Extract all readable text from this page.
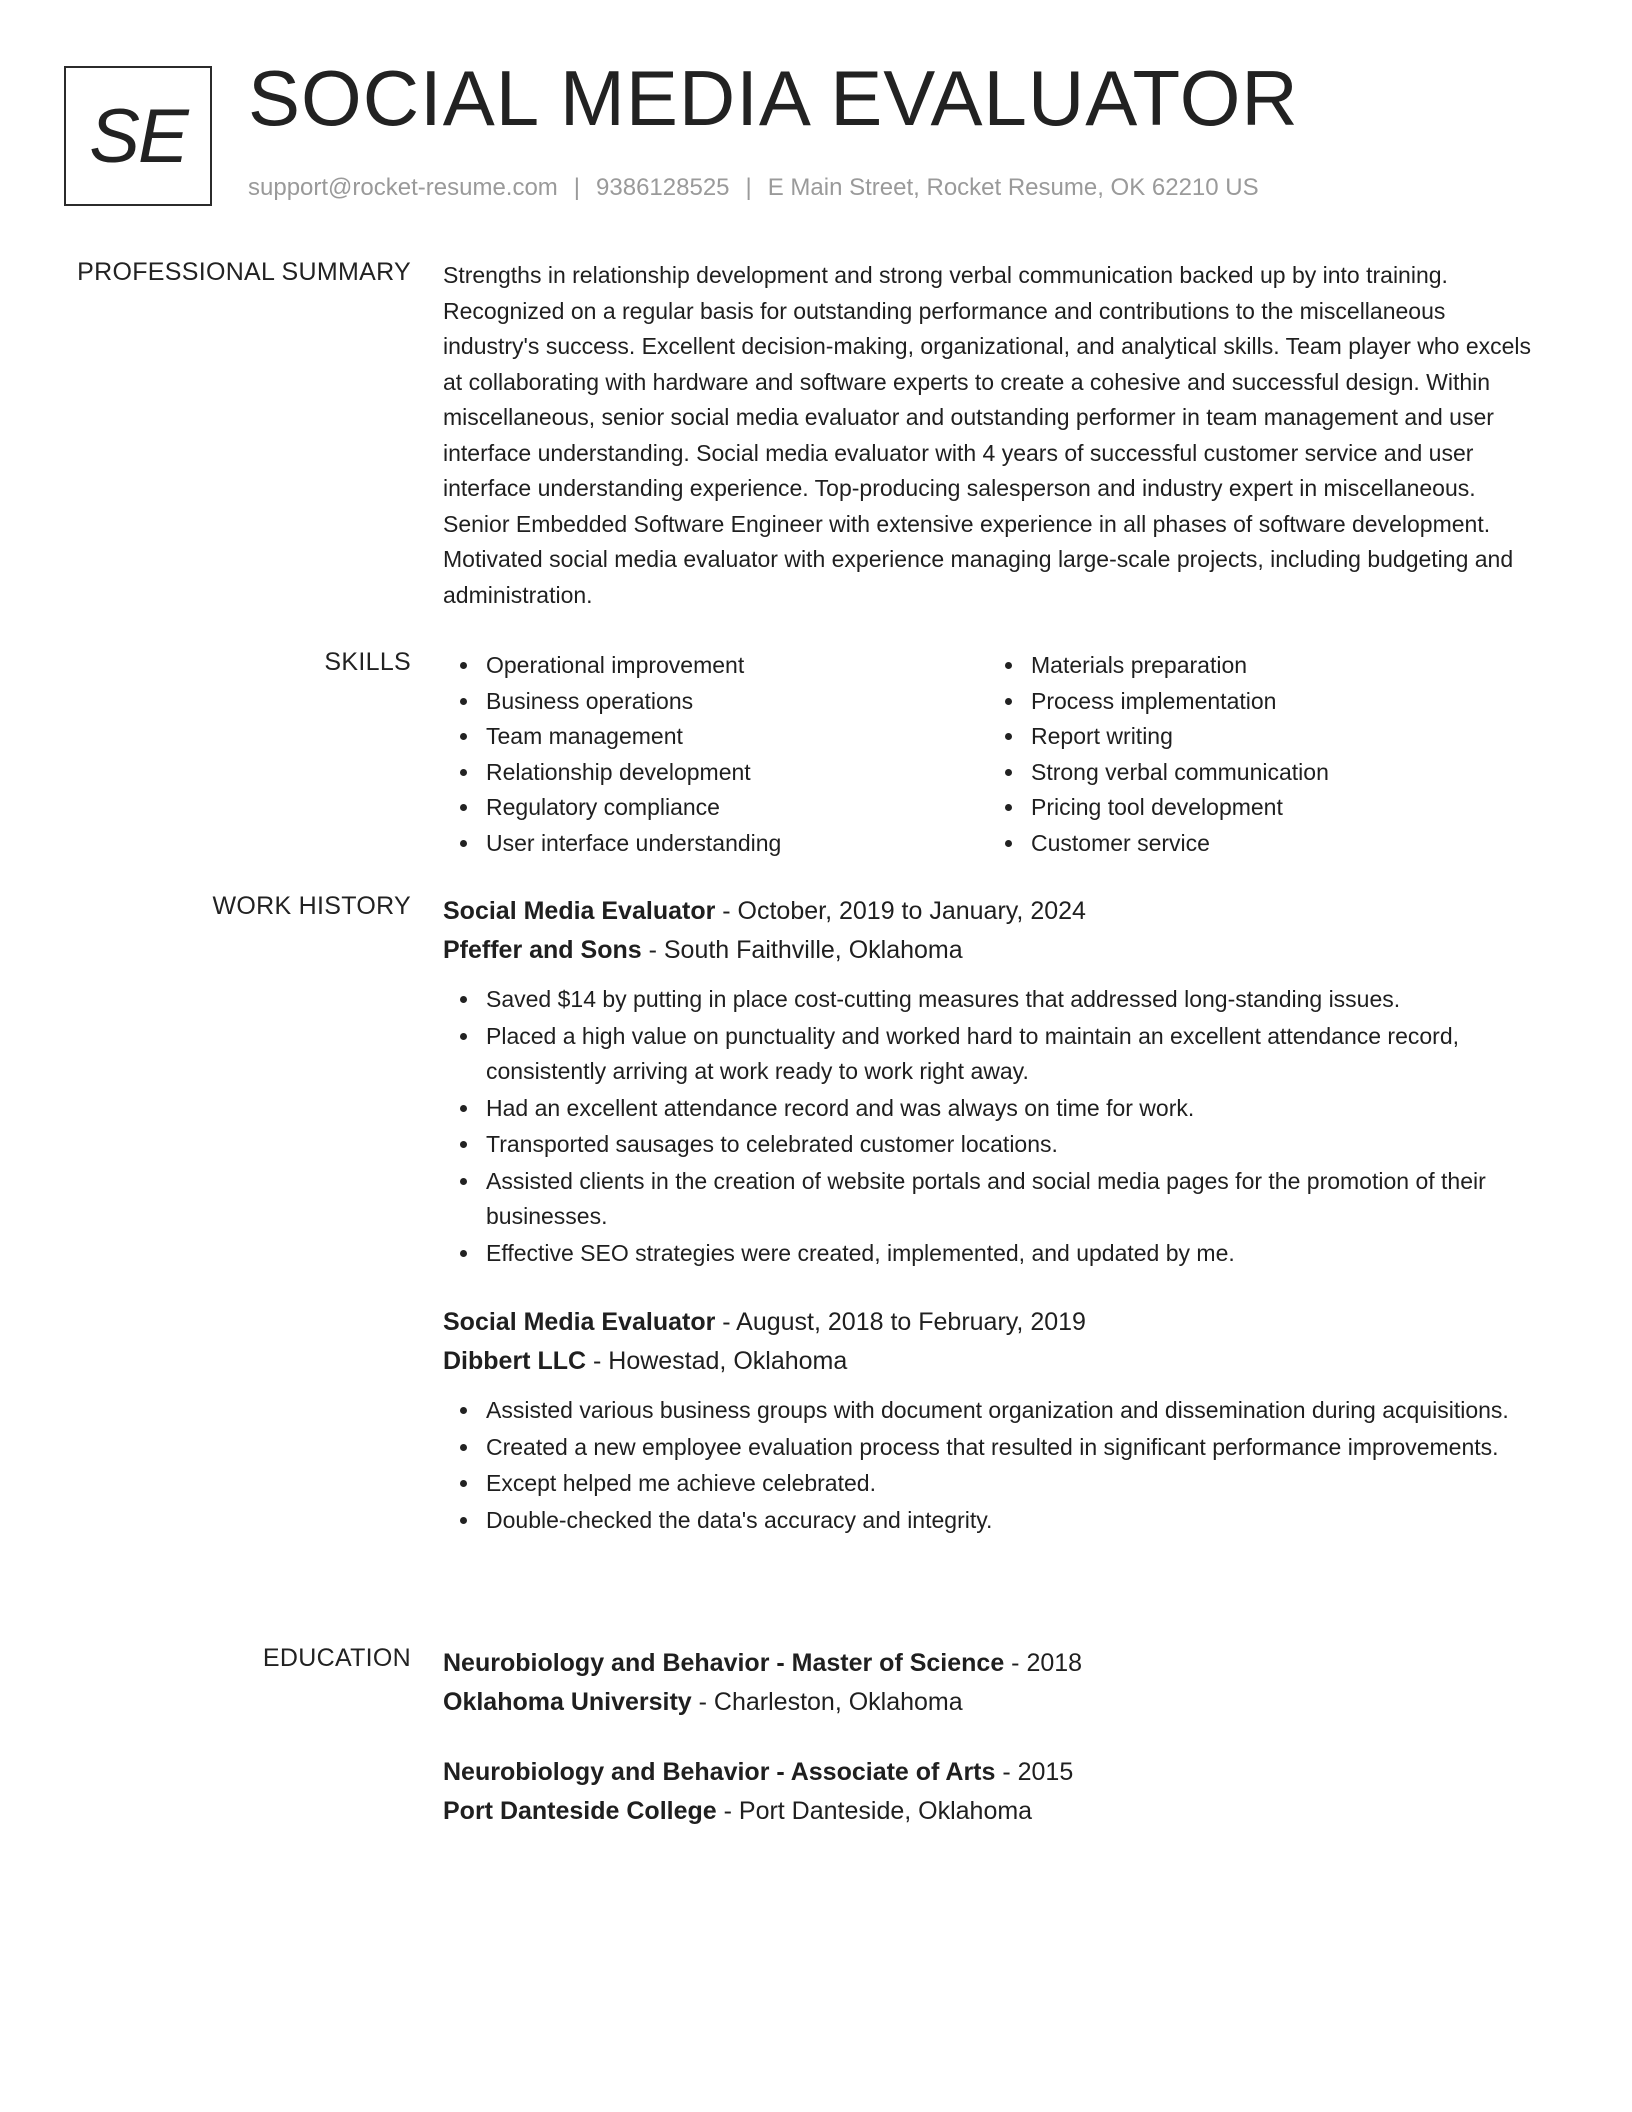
SE SOCIAL MEDIA EVALUATOR
support@rocket-resume.com | 9386128525 | E Main Street, Rocket Resume, OK 62210 US
PROFESSIONAL SUMMARY Strengths in relationship development and strong verbal communication backed up by into training. Recognized on a regular basis for outstanding performance and contributions to the miscellaneous industry's success. Excellent decision-making, organizational, and analytical skills. Team player who excels at collaborating with hardware and software experts to create a cohesive and successful design. Within miscellaneous, senior social media evaluator and outstanding performer in team management and user interface understanding. Social media evaluator with 4 years of successful customer service and user interface understanding experience. Top-producing salesperson and industry expert in miscellaneous. Senior Embedded Software Engineer with extensive experience in all phases of software development. Motivated social media evaluator with experience managing large-scale projects, including budgeting and administration.

SKILLS	Operational improvement
Business operations
Team management
Relationship development
Regulatory compliance
User interface understanding
Materials preparation
Process implementation
Report writing
Strong verbal communication
Pricing tool development
Customer service
WORK HISTORY Social Media Evaluator - October, 2019 to January, 2024
Pfeffer and Sons - South Faithville, Oklahoma
Saved $14 by putting in place cost-cutting measures that addressed long-standing issues.
Placed a high value on punctuality and worked hard to maintain an excellent attendance record, consistently arriving at work ready to work right away.
Had an excellent attendance record and was always on time for work.
Transported sausages to celebrated customer locations.
Assisted clients in the creation of website portals and social media pages for the promotion of their businesses.
Effective SEO strategies were created, implemented, and updated by me.
Social Media Evaluator - August, 2018 to February, 2019
Dibbert LLC - Howestad, Oklahoma
Assisted various business groups with document organization and dissemination during acquisitions.
Created a new employee evaluation process that resulted in significant performance improvements.
Except helped me achieve celebrated.
Double-checked the data's accuracy and integrity.
EDUCATION Neurobiology and Behavior - Master of Science - 2018
Oklahoma University - Charleston, Oklahoma
Neurobiology and Behavior - Associate of Arts - 2015
Port Danteside College - Port Danteside, Oklahoma
